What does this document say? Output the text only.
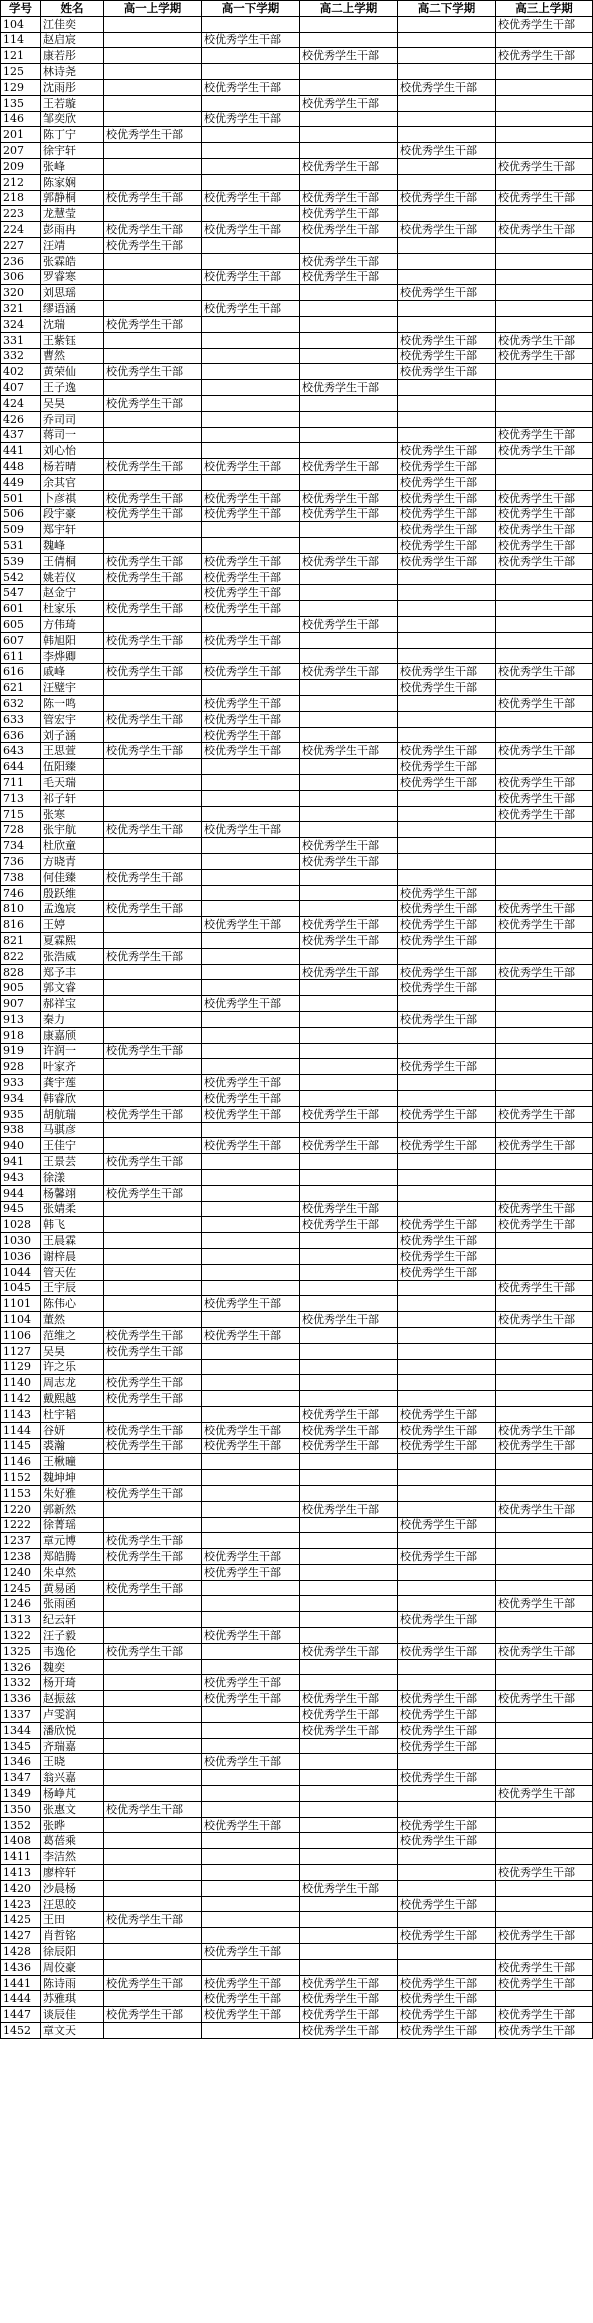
学号	姓名	高一上学期	高一下学期	高二上学期	高二下学期	高三上学期
104	江佳奕					校优秀学生干部
114	赵启宸		校优秀学生干部			
121	康若彤			校优秀学生干部		校优秀学生干部
125	林诗尧					
129	沈雨彤		校优秀学生干部		校优秀学生干部	
135	王若璇			校优秀学生干部		
146	邹奕欣		校优秀学生干部			
201	陈丁宁	校优秀学生干部				
207	徐宇轩				校优秀学生干部	
209	张峰			校优秀学生干部		校优秀学生干部
212	陈家娴					
218	郭静桐	校优秀学生干部	校优秀学生干部	校优秀学生干部	校优秀学生干部	校优秀学生干部
223	龙慧莹			校优秀学生干部		
224	彭雨冉	校优秀学生干部	校优秀学生干部	校优秀学生干部	校优秀学生干部	校优秀学生干部
227	汪靖	校优秀学生干部				
236	张霖皓			校优秀学生干部		
306	罗睿寒		校优秀学生干部	校优秀学生干部		
320	刘思瑶				校优秀学生干部	
321	缪语涵		校优秀学生干部			
324	沈瑞	校优秀学生干部				
331	王紫钰				校优秀学生干部	校优秀学生干部
332	曹然				校优秀学生干部	校优秀学生干部
402	黄荣仙	校优秀学生干部			校优秀学生干部	
407	王子逸			校优秀学生干部		
424	吴昊	校优秀学生干部				
426	乔司司					
437	蒋司一					校优秀学生干部
441	刘心怡				校优秀学生干部	校优秀学生干部
448	杨若晴	校优秀学生干部	校优秀学生干部	校优秀学生干部	校优秀学生干部	
449	余其官				校优秀学生干部	
501	卜彦祺	校优秀学生干部	校优秀学生干部	校优秀学生干部	校优秀学生干部	校优秀学生干部
506	段宇豪	校优秀学生干部	校优秀学生干部	校优秀学生干部	校优秀学生干部	校优秀学生干部
509	郑宇轩				校优秀学生干部	校优秀学生干部
531	魏峰				校优秀学生干部	校优秀学生干部
539	王倩桐	校优秀学生干部	校优秀学生干部	校优秀学生干部	校优秀学生干部	校优秀学生干部
542	姚若仪	校优秀学生干部	校优秀学生干部			
547	赵金宁		校优秀学生干部			
601	杜家乐	校优秀学生干部	校优秀学生干部			
605	方伟琦			校优秀学生干部		
607	韩旭阳	校优秀学生干部	校优秀学生干部			
611	李烨卿					
616	戚峰	校优秀学生干部	校优秀学生干部	校优秀学生干部	校优秀学生干部	校优秀学生干部
621	汪璧宇				校优秀学生干部	
632	陈一鸣		校优秀学生干部			校优秀学生干部
633	管宏宇	校优秀学生干部	校优秀学生干部			
636	刘子涵		校优秀学生干部			
643	王思萱	校优秀学生干部	校优秀学生干部	校优秀学生干部	校优秀学生干部	校优秀学生干部
644	伍阳臻				校优秀学生干部	
711	毛天瑞				校优秀学生干部	校优秀学生干部
713	祁子轩					校优秀学生干部
715	张寒					校优秀学生干部
728	张宇航	校优秀学生干部	校优秀学生干部			
734	杜欣童			校优秀学生干部		
736	方晓青			校优秀学生干部		
738	何佳臻	校优秀学生干部				
746	殷跃维				校优秀学生干部	
810	孟逸宸	校优秀学生干部			校优秀学生干部	校优秀学生干部
816	王婷		校优秀学生干部	校优秀学生干部	校优秀学生干部	校优秀学生干部
821	夏霖熙			校优秀学生干部	校优秀学生干部	
822	张浩威	校优秀学生干部				
828	郑予丰			校优秀学生干部	校优秀学生干部	校优秀学生干部
905	郭文睿				校优秀学生干部	
907	郝祥宝		校优秀学生干部			
913	秦力				校优秀学生干部	
918	康嘉颀					
919	许润一	校优秀学生干部				
928	叶家齐				校优秀学生干部	
933	龚宇莲		校优秀学生干部			
934	韩睿欣		校优秀学生干部			
935	胡航瑞	校优秀学生干部	校优秀学生干部	校优秀学生干部	校优秀学生干部	校优秀学生干部
938	马骐彦					
940	王佳宁		校优秀学生干部	校优秀学生干部	校优秀学生干部	校优秀学生干部
941	王景芸	校优秀学生干部				
943	徐漾					
944	杨馨翊	校优秀学生干部				
945	张婧柔			校优秀学生干部		校优秀学生干部
1028	韩飞			校优秀学生干部	校优秀学生干部	校优秀学生干部
1030	王晨霖				校优秀学生干部	
1036	谢梓晨				校优秀学生干部	
1044	管天佐				校优秀学生干部	
1045	王宇辰					校优秀学生干部
1101	陈伟心		校优秀学生干部			
1104	董然			校优秀学生干部		校优秀学生干部
1106	范维之	校优秀学生干部	校优秀学生干部			
1127	吴昊	校优秀学生干部				
1129	许之乐					
1140	周志龙	校优秀学生干部				
1142	戴熙越	校优秀学生干部				
1143	杜宇韬			校优秀学生干部	校优秀学生干部	
1144	谷妍	校优秀学生干部	校优秀学生干部	校优秀学生干部	校优秀学生干部	校优秀学生干部
1145	裘瀚	校优秀学生干部	校优秀学生干部	校优秀学生干部	校优秀学生干部	校优秀学生干部
1146	王楸曈					
1152	魏坤坤					
1153	朱好雅	校优秀学生干部				
1220	郭新然			校优秀学生干部		校优秀学生干部
1222	徐菁瑶				校优秀学生干部	
1237	章元博	校优秀学生干部				
1238	郑皓腾	校优秀学生干部	校优秀学生干部		校优秀学生干部	
1240	朱卓然		校优秀学生干部			
1245	黄易函	校优秀学生干部				
1246	张雨函					校优秀学生干部
1313	纪云轩				校优秀学生干部	
1322	汪子毅		校优秀学生干部			
1325	韦逸伦	校优秀学生干部		校优秀学生干部	校优秀学生干部	校优秀学生干部
1326	魏奕					
1332	杨开琦		校优秀学生干部			
1336	赵振兹		校优秀学生干部	校优秀学生干部	校优秀学生干部	校优秀学生干部
1337	卢雯润			校优秀学生干部	校优秀学生干部	
1344	潘欣悦			校优秀学生干部	校优秀学生干部	
1345	齐瑞嘉				校优秀学生干部	
1346	王晓		校优秀学生干部			
1347	翁兴嘉				校优秀学生干部	
1349	杨峥芃					校优秀学生干部
1350	张惠文	校优秀学生干部				
1352	张晔		校优秀学生干部		校优秀学生干部	
1408	葛蓓乘				校优秀学生干部	
1411	李洁然					
1413	廖梓轩					校优秀学生干部
1420	沙晨杨			校优秀学生干部		
1423	汪思皎				校优秀学生干部	
1425	王田	校优秀学生干部				
1427	肖哲铭				校优秀学生干部	校优秀学生干部
1428	徐辰阳		校优秀学生干部			
1436	周佼豪					校优秀学生干部
1441	陈诗雨	校优秀学生干部	校优秀学生干部	校优秀学生干部	校优秀学生干部	校优秀学生干部
1444	苏雅琪		校优秀学生干部	校优秀学生干部	校优秀学生干部	
1447	谈辰佳	校优秀学生干部	校优秀学生干部	校优秀学生干部	校优秀学生干部	校优秀学生干部
1452	章文天			校优秀学生干部	校优秀学生干部	校优秀学生干部
